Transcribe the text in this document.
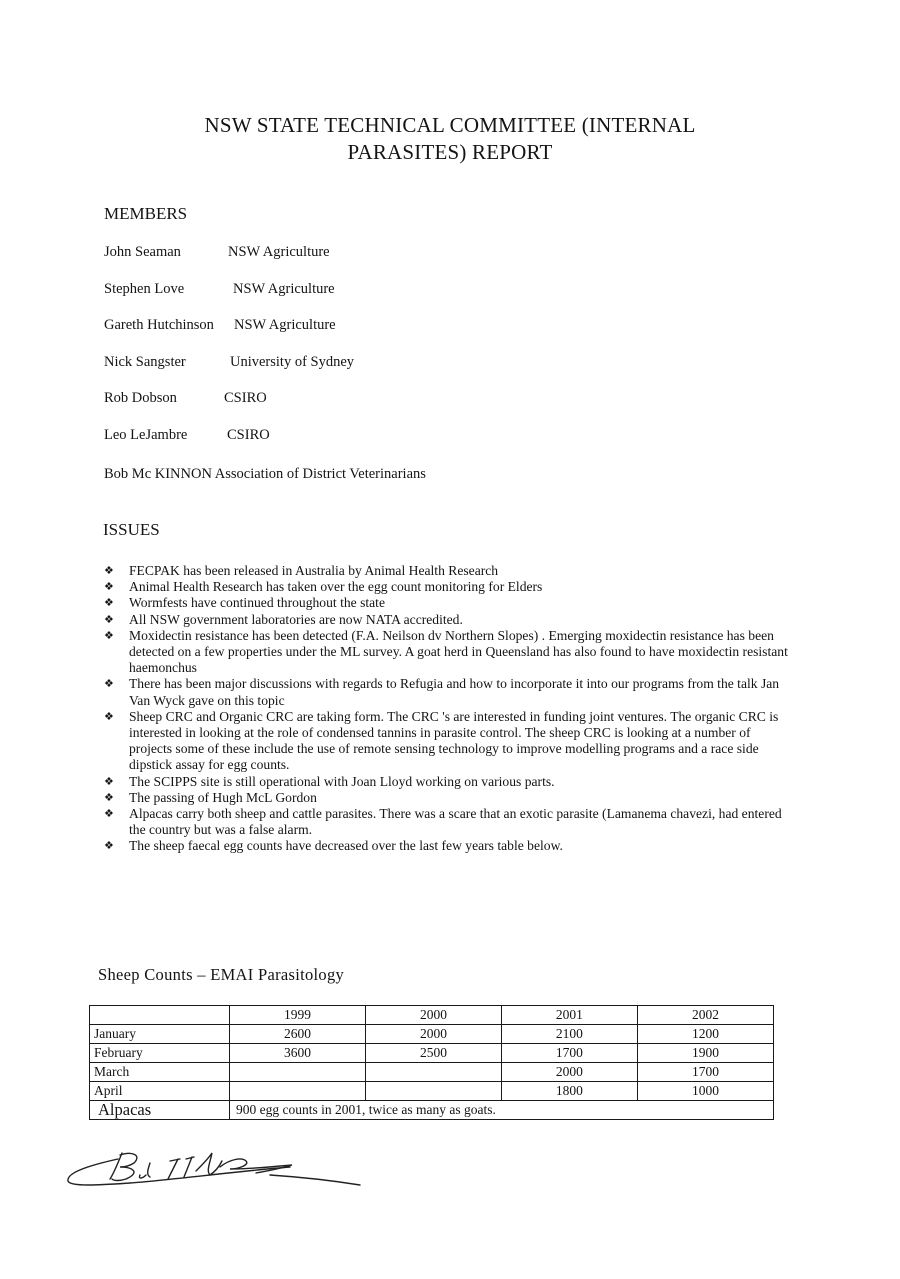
NSW STATE TECHNICAL COMMITTEE (INTERNAL PARASITES) REPORT
MEMBERS
John Seaman	NSW Agriculture
Stephen Love	NSW Agriculture
Gareth Hutchinson NSW Agriculture
Nick Sangster	University of Sydney
Rob Dobson	CSIRO
Leo LeJambre	CSIRO
Bob Mc KINNON Association of District Veterinarians
ISSUES

❖ FECPAK has been released in Australia by Animal Health Research

❖ Animal Health Research has taken over the egg count monitoring for Elders

❖ Wormfests have continued throughout the state

❖ All NSW government laboratories are now NATA accredited.

❖ Moxidectin resistance has been detected (F.A. Neilson dv Northern Slopes) . Emerging moxidectin resistance has been detected on a few properties under the ML survey. A goat herd in Queensland has also found to have moxidectin resistant haemonchus

❖ There has been major discussions with regards to Refugia and how to incorporate it into our programs from the talk Jan Van Wyck gave on this topic

❖ Sheep CRC and Organic CRC are taking form. The CRC 's are interested in funding joint ventures. The organic CRC is interested in looking at the role of condensed tannins in parasite control. The sheep CRC is looking at a number of projects some of these include the use of remote sensing technology to improve modelling programs and a race side dipstick assay for egg counts.

❖ The SCIPPS site is still operational with Joan Lloyd working on various parts.

❖ The passing of Hugh McL Gordon

❖ Alpacas carry both sheep and cattle parasites. There was a scare that an exotic parasite (Lamanema chavezi, had entered the country but was a false alarm.

❖ The sheep faecal egg counts have decreased over the last few years table below.

Sheep Counts – EMAI Parasitology
	1999	2000	2001	2002
January	2600	2000	2100	1200
February	3600	2500	1700	1900
March			2000	1700
April			1800	1000
Alpacas	900 egg counts in 2001, twice as many as goats.			
